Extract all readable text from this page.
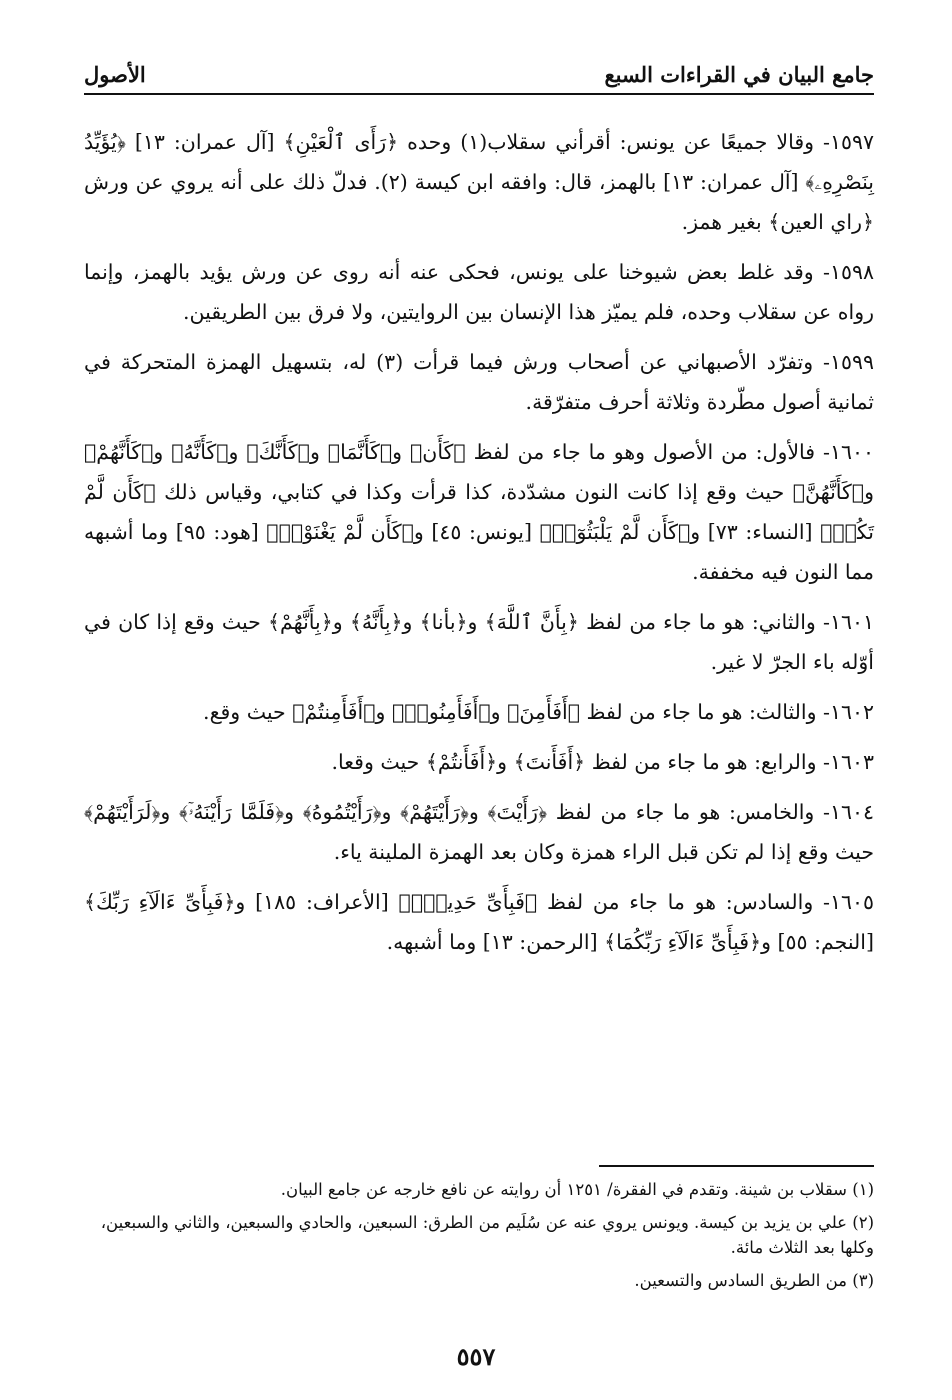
جامع البيان في القراءات السبع
الأصول

١٥٩٧- وقالا جميعًا عن يونس: أقرأني سقلاب(١) وحده ﴿رَأَى ٱلْعَيْنِ﴾ [آل عمران: ١٣] ﴿يُؤَيِّدُ بِنَصْرِهِۦ﴾ [آل عمران: ١٣] بالهمز، قال: وافقه ابن كيسة (٢). فدلّ ذلك على أنه يروي عن ورش ﴿راي العين﴾ بغير همز.

١٥٩٨- وقد غلط بعض شيوخنا على يونس، فحكى عنه أنه روى عن ورش يؤيد بالهمز، وإنما رواه عن سقلاب وحده، فلم يميّز هذا الإنسان بين الروايتين، ولا فرق بين الطريقين.

١٥٩٩- وتفرّد الأصبهاني عن أصحاب ورش فيما قرأت (٣) له، بتسهيل الهمزة المتحركة في ثمانية أصول مطّردة وثلاثة أحرف متفرّقة.

١٦٠٠- فالأول: من الأصول وهو ما جاء من لفظ ﴿كَأَن﴾ و﴿كَأَنَّمَا﴾ و﴿كَأَنَّكَ﴾ و﴿كَأَنَّهُ﴾ و﴿كَأَنَّهُمْ﴾ و﴿كَأَنَّهُنَّ﴾ حيث وقع إذا كانت النون مشدّدة، كذا قرأت وكذا في كتابي، وقياس ذلك ﴿كَأَن لَّمْ تَكُنۢ﴾ [النساء: ٧٣] و﴿كَأَن لَّمْ يَلْبَثُوٓا۟﴾ [يونس: ٤٥] و﴿كَأَن لَّمْ يَغْنَوْا۟﴾ [هود: ٩٥] وما أشبهه مما النون فيه مخففة.

١٦٠١- والثاني: هو ما جاء من لفظ ﴿بِأَنَّ ٱللَّهَ﴾ و﴿بأنا﴾ و﴿بِأَنَّهُ﴾ و﴿بِأَنَّهُمْ﴾ حيث وقع إذا كان في أوّله باء الجرّ لا غير.

١٦٠٢- والثالث: هو ما جاء من لفظ ﴿أَفَأَمِنَ﴾ و﴿أَفَأَمِنُوا۟﴾ و﴿أَفَأَمِنتُمْ﴾ حيث وقع.

١٦٠٣- والرابع: هو ما جاء من لفظ ﴿أَفَأَنتَ﴾ و﴿أَفَأَنتُمْ﴾ حيث وقعا.

١٦٠٤- والخامس: هو ما جاء من لفظ ﴿رَأَيْتَ﴾ و﴿رَأَيْتَهُمْ﴾ و﴿رَأَيْتُمُوهُ﴾ و﴿فَلَمَّا رَأَيْنَهُۥٓ﴾ و﴿لَرَأَيْتَهُمْ﴾ حيث وقع إذا لم تكن قبل الراء همزة وكان بعد الهمزة الملينة ياء.

١٦٠٥- والسادس: هو ما جاء من لفظ ﴿فَبِأَىِّ حَدِيثٍۭ﴾ [الأعراف: ١٨٥] و﴿فَبِأَىِّ ءَالَآءِ رَبِّكَ﴾ [النجم: ٥٥] و﴿فَبِأَىِّ ءَالَآءِ رَبِّكُمَا﴾ [الرحمن: ١٣] وما أشبهه.

(١) سقلاب بن شينة. وتقدم في الفقرة/ ١٢٥١ أن روايته عن نافع خارجه عن جامع البيان.

(٢) علي بن يزيد بن كيسة. ويونس يروي عنه عن سُلَيم من الطرق: السبعين، والحادي والسبعين، والثاني والسبعين، وكلها بعد الثلاث مائة.

(٣) من الطريق السادس والتسعين.

٥٥٧
